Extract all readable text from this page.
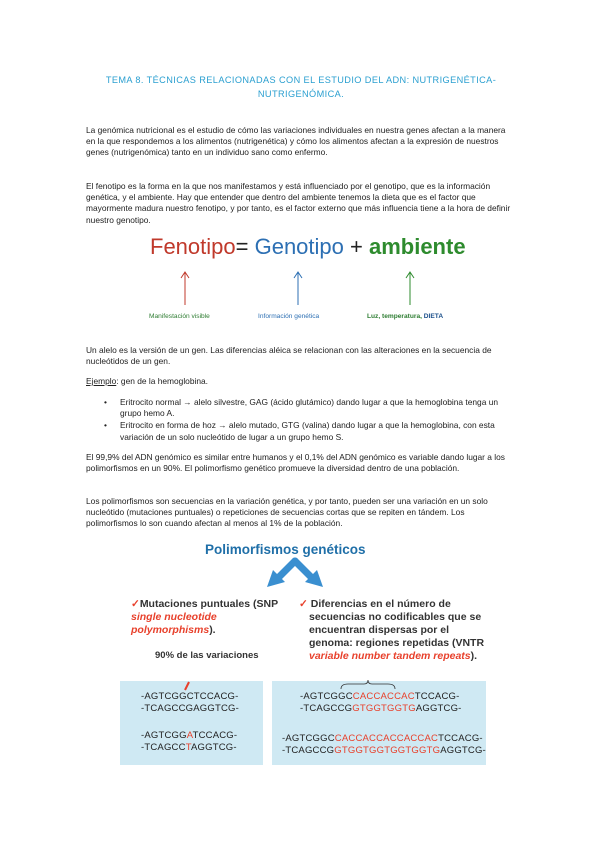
TEMA 8. TÉCNICAS RELACIONADAS CON EL ESTUDIO DEL ADN: NUTRIGENÉTICA-
NUTRIGENÓMICA.
La genómica nutricional es el estudio de cómo las variaciones individuales en nuestra genes afectan a la manera en la que respondemos a los alimentos (nutrigenética) y cómo los alimentos afectan a la expresión de nuestros genes (nutrigenómica) tanto en un individuo sano como enfermo.
El fenotipo es la forma en la que nos manifestamos y está influenciado por el genotipo, que es la información genética, y el ambiente. Hay que entender que dentro del ambiente tenemos la dieta que es el factor que mayormente madura nuestro fenotipo, y por tanto, es el factor externo que más influencia tiene a la hora de definir nuestro genotipo.
Fenotipo= Genotipo + ambiente
Manifestación visible	Información genética	Luz, temperatura, DIETA
Un alelo es la versión de un gen. Las diferencias aléica se relacionan con las alteraciones en la secuencia de nucleótidos de un gen.
Ejemplo: gen de la hemoglobina.
• Eritrocito normal → alelo silvestre, GAG (ácido glutámico) dando lugar a que la hemoglobina tenga un grupo hemo A.
• Eritrocito en forma de hoz → alelo mutado, GTG (valina) dando lugar a que la hemoglobina, con esta variación de un solo nucleótido de lugar a un grupo hemo S.
El 99,9% del ADN genómico es similar entre humanos y el 0,1% del ADN genómico es variable dando lugar a los polimorfismos en un 90%. El polimorfismo genético promueve la diversidad dentro de una población.
Los polimorfismos son secuencias en la variación genética, y por tanto, pueden ser una variación en un solo nucleótido (mutaciones puntuales) o repeticiones de secuencias cortas que se repiten en tándem. Los polimorfismos lo son cuando afectan al menos al 1% de la población.
Polimorfismos genéticos
✓Mutaciones puntuales (SNP
single nucleotide
polymorphisms).
90% de las variaciones
✓ Diferencias en el número de
secuencias no codificables que se
encuentran dispersas por el
genoma: regiones repetidas (VNTR
variable number tandem repeats).
-AGTCGGCTCCACG-
-TCAGCCGAGGTCG-
-AGTCGGATCCACG-
-TCAGCCTAGGTCG-
-AGTCGGCCACCACCACTCCACG-
-TCAGCCGGTGGTGGTGAGGTCG-
-AGTCGGCCACCACCACCACCACTCCACG-
-TCAGCCGGTGGTGGTGGTGGTGAGGTCG-
